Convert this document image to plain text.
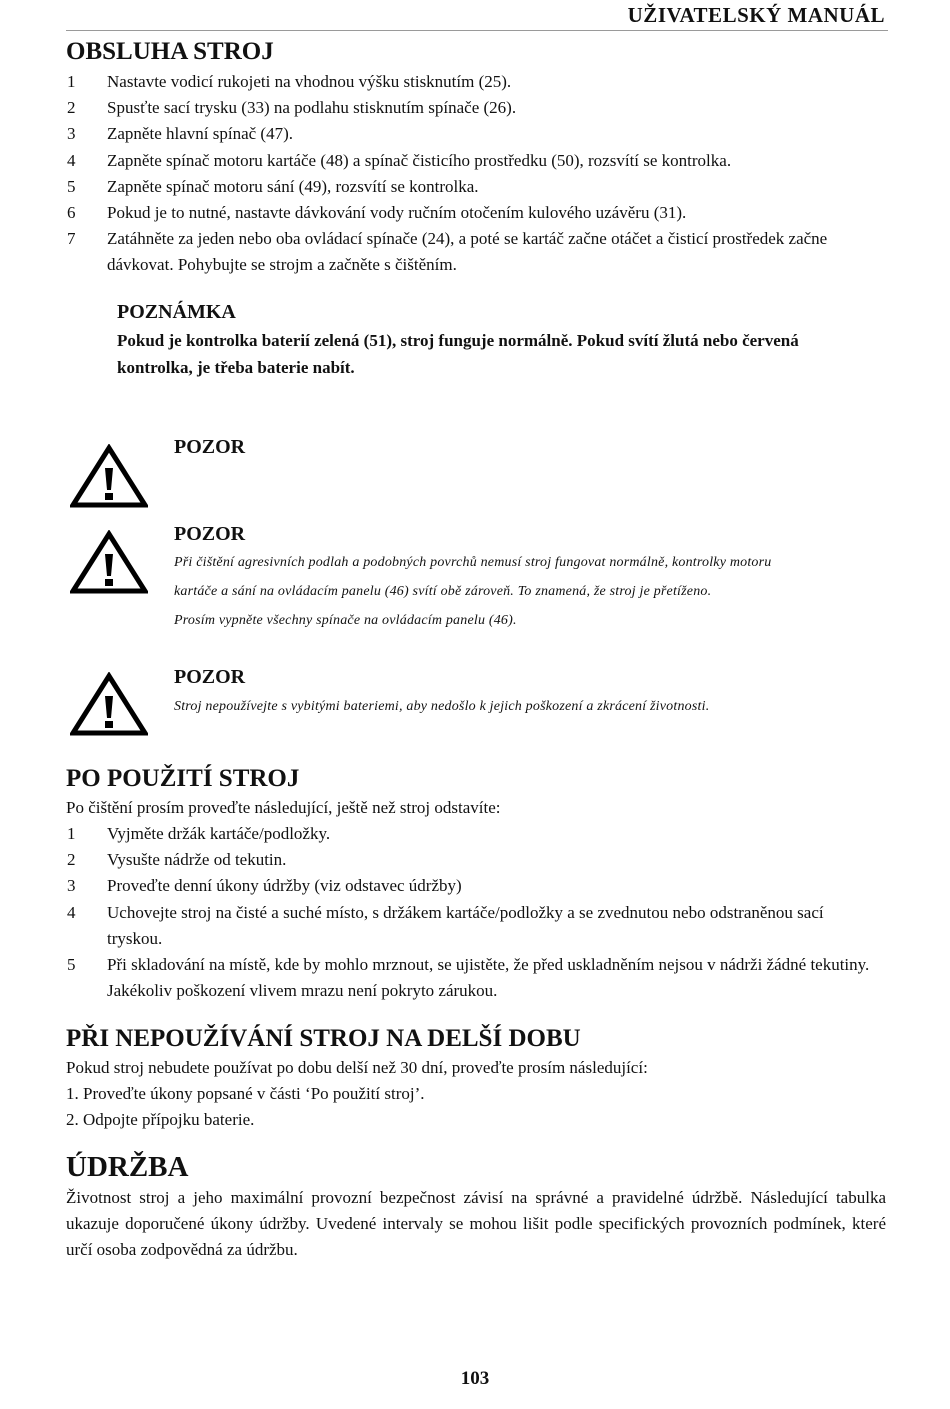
UŽIVATELSKÝ MANUÁL
OBSLUHA STROJ
1 Nastavte vodicí rukojeti na vhodnou výšku stisknutím (25).
2 Spusťte sací trysku (33) na podlahu stisknutím spínače (26).
3 Zapněte hlavní spínač (47).
4 Zapněte spínač motoru kartáče (48) a spínač čisticího prostředku (50), rozsvítí se kontrolka.
5 Zapněte spínač motoru sání (49), rozsvítí se kontrolka.
6 Pokud je to nutné, nastavte dávkování vody ručním otočením kulového uzávěru (31).
7 Zatáhněte za jeden nebo oba ovládací spínače (24), a poté se kartáč začne otáčet a čisticí prostředek začne dávkovat. Pohybujte se strojm a začněte s čištěním.

POZNÁMKA

Pokud je kontrolka baterií zelená (51), stroj funguje normálně. Pokud svítí žlutá nebo červená kontrolka, je třeba baterie nabít.

POZOR

POZOR

Při čištění agresivních podlah a podobných povrchů nemusí stroj fungovat normálně, kontrolky motoru
kartáče a sání na ovládacím panelu (46) svítí obě zároveň. To znamená, že stroj je přetíženo.
Prosím vypněte všechny spínače na ovládacím panelu (46).

POZOR

Stroj nepoužívejte s vybitými bateriemi, aby nedošlo k jejich poškození a zkrácení životnosti.

PO POUŽITÍ STROJ

Po čištění prosím proveďte následující, ještě než stroj odstavíte:

1 Vyjměte držák kartáče/podložky.
2 Vysušte nádrže od tekutin.
3 Proveďte denní úkony údržby (viz odstavec údržby)
4 Uchovejte stroj na čisté a suché místo, s držákem kartáče/podložky a se zvednutou nebo odstraněnou sací tryskou.
5 Při skladování na místě, kde by mohlo mrznout, se ujistěte, že před uskladněním nejsou v nádrži žádné tekutiny. Jakékoliv poškození vlivem mrazu není pokryto zárukou.
PŘI NEPOUŽÍVÁNÍ STROJ NA DELŠÍ DOBU

Pokud stroj nebudete používat po dobu delší než 30 dní, proveďte prosím následující:

1. Proveďte úkony popsané v části ‘Po použití stroj’.

2. Odpojte přípojku baterie.

ÚDRŽBA

Životnost stroj a jeho maximální provozní bezpečnost závisí na správné a pravidelné údržbě. Následující tabulka ukazuje doporučené úkony údržby. Uvedené intervaly se mohou lišit podle specifických provozních podmínek, které určí osoba zodpovědná za údržbu.

103
